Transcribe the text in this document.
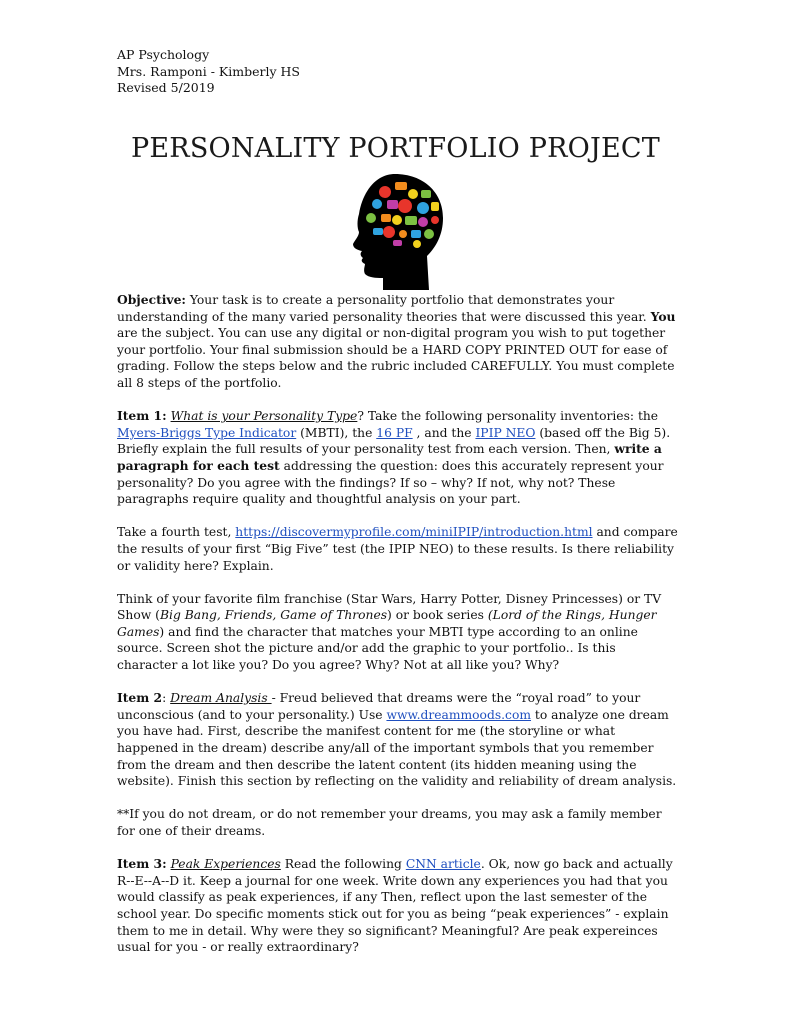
AP Psychology
Mrs. Ramponi - Kimberly HS
Revised 5/2019
PERSONALITY PORTFOLIO PROJECT

Objective: Your task is to create a personality portfolio that demonstrates your understanding of the many varied personality theories that were discussed this year. You are the subject. You can use any digital or non-digital program you wish to put together your portfolio. Your final submission should be a HARD COPY PRINTED OUT for ease of grading. Follow the steps below and the rubric included CAREFULLY. You must complete all 8 steps of the portfolio.

Item 1: What is your Personality Type? Take the following personality inventories: the Myers-Briggs Type Indicator (MBTI), the 16 PF , and the IPIP NEO (based off the Big 5). Briefly explain the full results of your personality test from each version. Then, write a paragraph for each test addressing the question: does this accurately represent your personality? Do you agree with the findings? If so – why? If not, why not? These paragraphs require quality and thoughtful analysis on your part.

Take a fourth test, https://discovermyprofile.com/miniIPIP/introduction.html and compare the results of your first “Big Five” test (the IPIP NEO) to these results. Is there reliability or validity here? Explain.

Think of your favorite film franchise (Star Wars, Harry Potter, Disney Princesses) or TV Show (Big Bang, Friends, Game of Thrones) or book series (Lord of the Rings, Hunger Games) and find the character that matches your MBTI type according to an online source. Screen shot the picture and/or add the graphic to your portfolio.. Is this character a lot like you? Do you agree? Why? Not at all like you? Why?

Item 2: Dream Analysis - Freud believed that dreams were the “royal road” to your unconscious (and to your personality.) Use www.dreammoods.com to analyze one dream you have had. First, describe the manifest content for me (the storyline or what happened in the dream) describe any/all of the important symbols that you remember from the dream and then describe the latent content (its hidden meaning using the website). Finish this section by reflecting on the validity and reliability of dream analysis.

**If you do not dream, or do not remember your dreams, you may ask a family member for one of their dreams.

Item 3: Peak Experiences Read the following CNN article. Ok, now go back and actually R--E--A--D it. Keep a journal for one week. Write down any experiences you had that you would classify as peak experiences, if any Then, reflect upon the last semester of the school year. Do specific moments stick out for you as being “peak experiences” - explain them to me in detail. Why were they so significant? Meaningful? Are peak expereinces usual for you - or really extraordinary?
